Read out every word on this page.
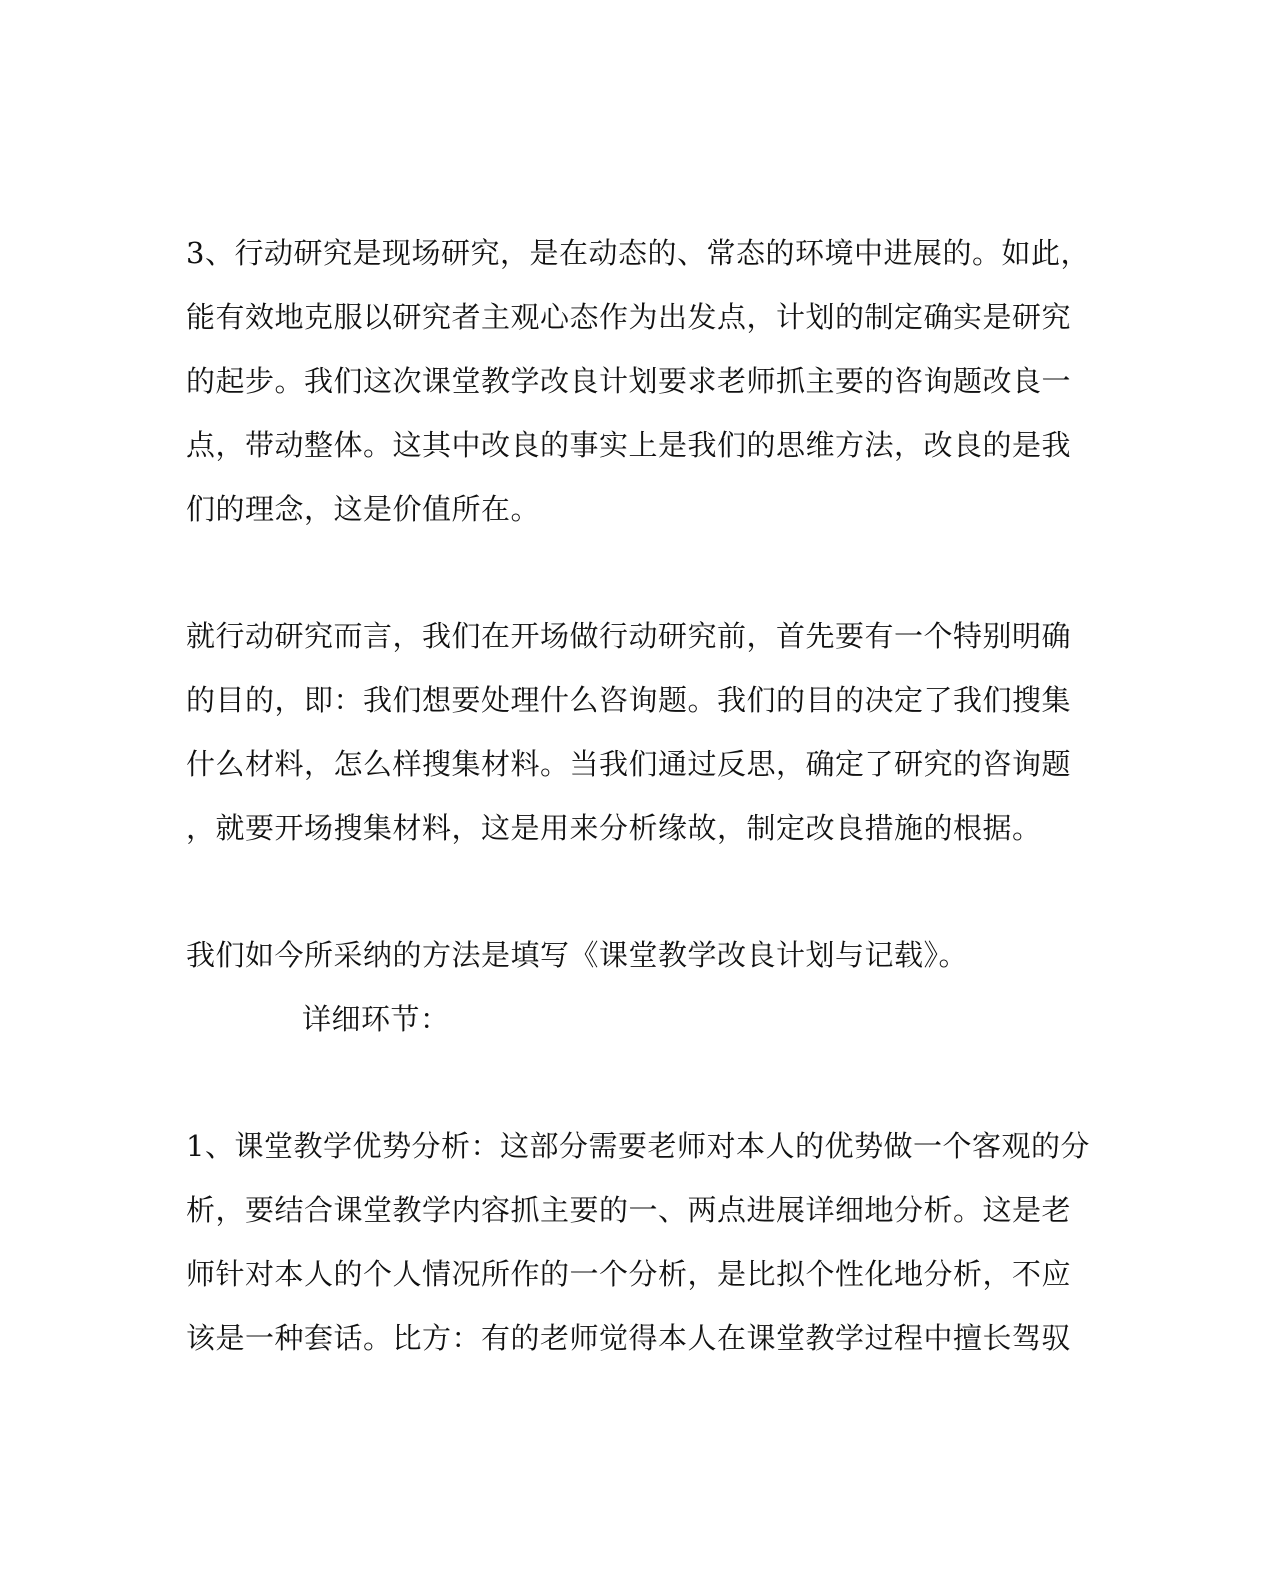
3、行动研究是现场研究，是在动态的、常态的环境中进展的。如此，
能有效地克服以研究者主观心态作为出发点，计划的制定确实是研究
的起步。我们这次课堂教学改良计划要求老师抓主要的咨询题改良一
点，带动整体。这其中改良的事实上是我们的思维方法，改良的是我
们的理念，这是价值所在。
就行动研究而言，我们在开场做行动研究前，首先要有一个特别明确
的目的，即：我们想要处理什么咨询题。我们的目的决定了我们搜集
什么材料，怎么样搜集材料。当我们通过反思，确定了研究的咨询题
，就要开场搜集材料，这是用来分析缘故，制定改良措施的根据。
我们如今所采纳的方法是填写《课堂教学改良计划与记载》。
详细环节：
1、课堂教学优势分析：这部分需要老师对本人的优势做一个客观的分
析，要结合课堂教学内容抓主要的一、两点进展详细地分析。这是老
师针对本人的个人情况所作的一个分析，是比拟个性化地分析，不应
该是一种套话。比方：有的老师觉得本人在课堂教学过程中擅长驾驭
